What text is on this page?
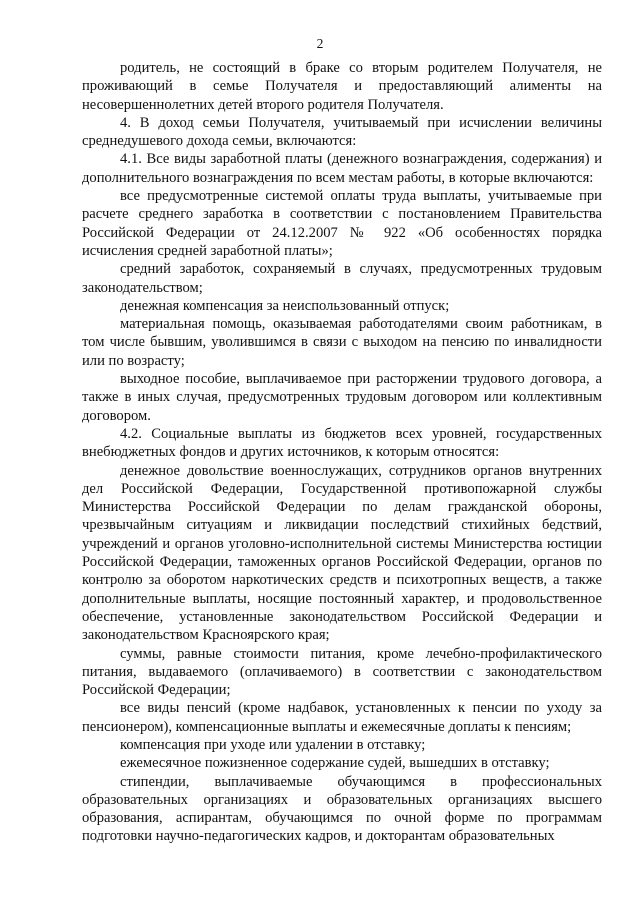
2

родитель, не состоящий в браке со вторым родителем Получателя, не проживающий в семье Получателя и предоставляющий алименты на несовершеннолетних детей второго родителя Получателя.

4. В доход семьи Получателя, учитываемый при исчислении величины среднедушевого дохода семьи, включаются:

4.1. Все виды заработной платы (денежного вознаграждения, содержания) и дополнительного вознаграждения по всем местам работы, в которые включаются:

все предусмотренные системой оплаты труда выплаты, учитываемые при расчете среднего заработка в соответствии с постановлением Правительства Российской Федерации от 24.12.2007 № 922 «Об особенностях порядка исчисления средней заработной платы»;

средний заработок, сохраняемый в случаях, предусмотренных трудовым законодательством;

денежная компенсация за неиспользованный отпуск;

материальная помощь, оказываемая работодателями своим работникам, в том числе бывшим, уволившимся в связи с выходом на пенсию по инвалидности или по возрасту;

выходное пособие, выплачиваемое при расторжении трудового договора, а также в иных случая, предусмотренных трудовым договором или коллективным договором.

4.2. Социальные выплаты из бюджетов всех уровней, государственных внебюджетных фондов и других источников, к которым относятся:

денежное довольствие военнослужащих, сотрудников органов внутренних дел Российской Федерации, Государственной противопожарной службы Министерства Российской Федерации по делам гражданской обороны, чрезвычайным ситуациям и ликвидации последствий стихийных бедствий, учреждений и органов уголовно-исполнительной системы Министерства юстиции Российской Федерации, таможенных органов Российской Федерации, органов по контролю за оборотом наркотических средств и психотропных веществ, а также дополнительные выплаты, носящие постоянный характер, и продовольственное обеспечение, установленные законодательством Российской Федерации и законодательством Красноярского края;

суммы, равные стоимости питания, кроме лечебно-профилактического питания, выдаваемого (оплачиваемого) в соответствии с законодательством Российской Федерации;

все виды пенсий (кроме надбавок, установленных к пенсии по уходу за пенсионером), компенсационные выплаты и ежемесячные доплаты к пенсиям;

компенсация при уходе или удалении в отставку;

ежемесячное пожизненное содержание судей, вышедших в отставку;

стипендии, выплачиваемые обучающимся в профессиональных образовательных организациях и образовательных организациях высшего образования, аспирантам, обучающимся по очной форме по программам подготовки научно-педагогических кадров, и докторантам образовательных
